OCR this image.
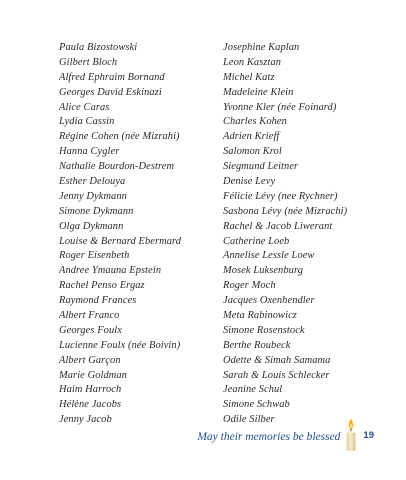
Paula Bizostowski
Gilbert Bloch
Alfred Ephraim Bornand
Georges David Eskinazi
Alice Caras
Lydia Cassin
Régine Cohen (née Mizrahi)
Hanna Cygler
Nathalie Bourdon-Destrem
Esther Delouya
Jenny Dykmann
Simone Dykmann
Olga Dykmann
Louise & Bernard Ebermard
Roger Eisenbeth
Andree Ymauna Epstein
Rachel Penso Ergaz
Raymond Frances
Albert Franco
Georges Foulx
Lucienne Foulx (née Boivin)
Albert Garçon
Marie Goldman
Haim Harroch
Hélène Jacobs
Jenny Jacob
Josephine Kaplan
Leon Kasztan
Michel Katz
Madeleine Klein
Yvonne Kler (née Foinard)
Charles Kohen
Adrien Krieff
Salomon Krol
Siegmund Leitner
Denise Levy
Félicie Lévy (nee Rychner)
Sasbona Lévy (née Mizrachi)
Rachel & Jacob Liwerant
Catherine Loeb
Annelise Lessle Loew
Mosek Luksenburg
Roger Moch
Jacques Oxenhendler
Meta Rabinowicz
Simone Rosenstock
Berthe Roubeck
Odette & Simah Samama
Sarah & Louis Schlecker
Jeanine Schul
Simone Schwab
Odile Silber
May their memories be blessed 19
